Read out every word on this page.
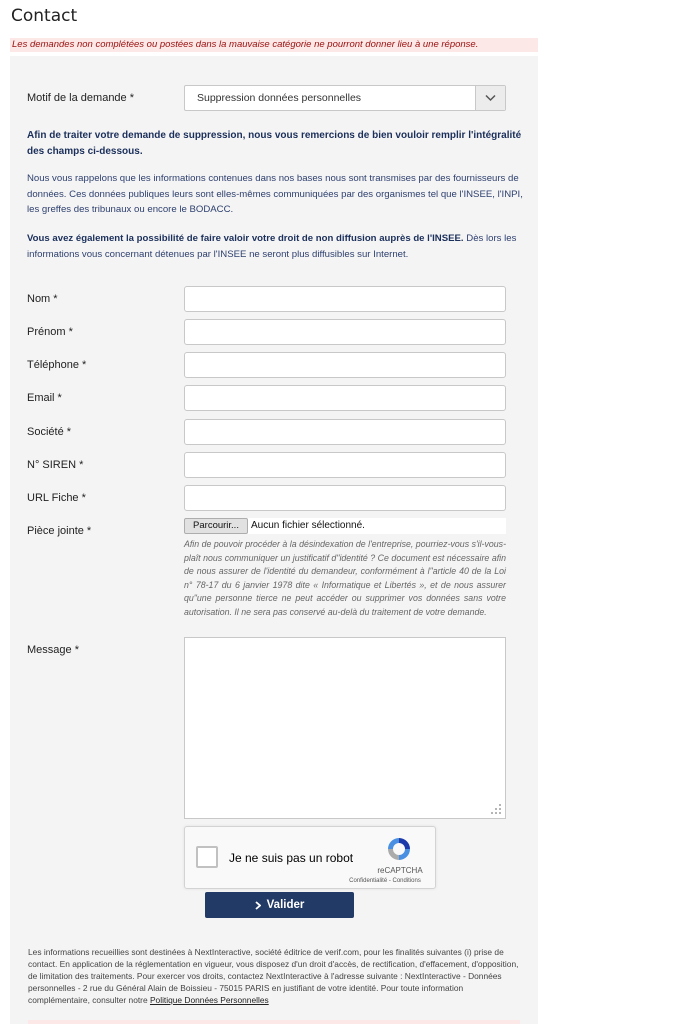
Contact
Les demandes non complétées ou postées dans la mauvaise catégorie ne pourront donner lieu à une réponse.
Motif de la demande *	Suppression données personnelles
Afin de traiter votre demande de suppression, nous vous remercions de bien vouloir remplir l'intégralité des champs ci-dessous.
Nous vous rappelons que les informations contenues dans nos bases nous sont transmises par des fournisseurs de données. Ces données publiques leurs sont elles-mêmes communiquées par des organismes tel que l'INSEE, l'INPI, les greffes des tribunaux ou encore le BODACC.
Vous avez également la possibilité de faire valoir votre droit de non diffusion auprès de l'INSEE. Dès lors les informations vous concernant détenues par l'INSEE ne seront plus diffusibles sur Internet.
Nom *
Prénom *
Téléphone *
Email *
Société *
N° SIREN *
URL Fiche *
Pièce jointe *	Parcourir...	Aucun fichier sélectionné.
Afin de pouvoir procéder à la désindexation de l'entreprise, pourriez-vous s'il-vous-plaît nous communiquer un justificatif d"identité ? Ce document est nécessaire afin de nous assurer de l'identité du demandeur, conformément à l"article 40 de la Loi n° 78-17 du 6 janvier 1978 dite « Informatique et Libertés », et de nous assurer qu"une personne tierce ne peut accéder ou supprimer vos données sans votre autorisation. Il ne sera pas conservé au-delà du traitement de votre demande.
Message *
Je ne suis pas un robot
reCAPTCHA
Confidentialité - Conditions
Valider
Les informations recueillies sont destinées à NextInteractive, société éditrice de verif.com, pour les finalités suivantes (i) prise de contact. En application de la réglementation en vigueur, vous disposez d'un droit d'accès, de rectification, d'effacement, d'opposition, de limitation des traitements. Pour exercer vos droits, contactez NextInteractive à l'adresse suivante : NextInteractive - Données personnelles - 2 rue du Général Alain de Boissieu - 75015 PARIS en justifiant de votre identité. Pour toute information complémentaire, consulter notre Politique Données Personnelles
